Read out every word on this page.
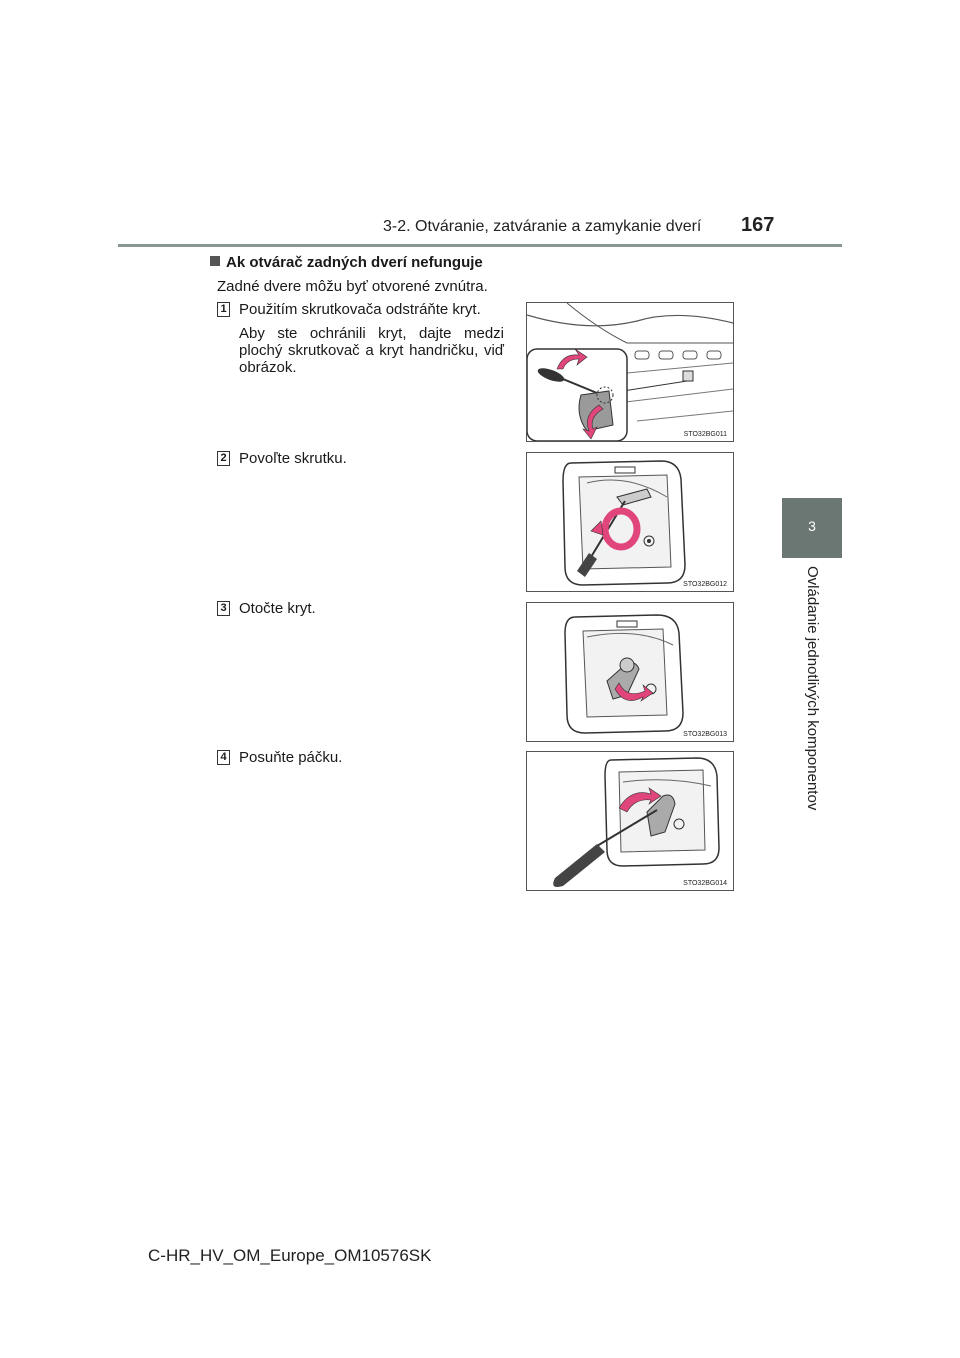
3-2. Otváranie, zatváranie a zamykanie dverí 167
3
Ovládanie jednotlivých komponentov
Ak otvárač zadných dverí nefunguje
Zadné dvere môžu byť otvorené zvnútra.
1 Použitím skrutkovača odstráňte kryt.
Aby ste ochránili kryt, dajte medzi plochý skrutkovač a kryt handričku, viď obrázok.
STO32BG011
2 Povoľte skrutku.
STO32BG012
3 Otočte kryt.
STO32BG013
4 Posuňte páčku.
STO32BG014
C-HR_HV_OM_Europe_OM10576SK
